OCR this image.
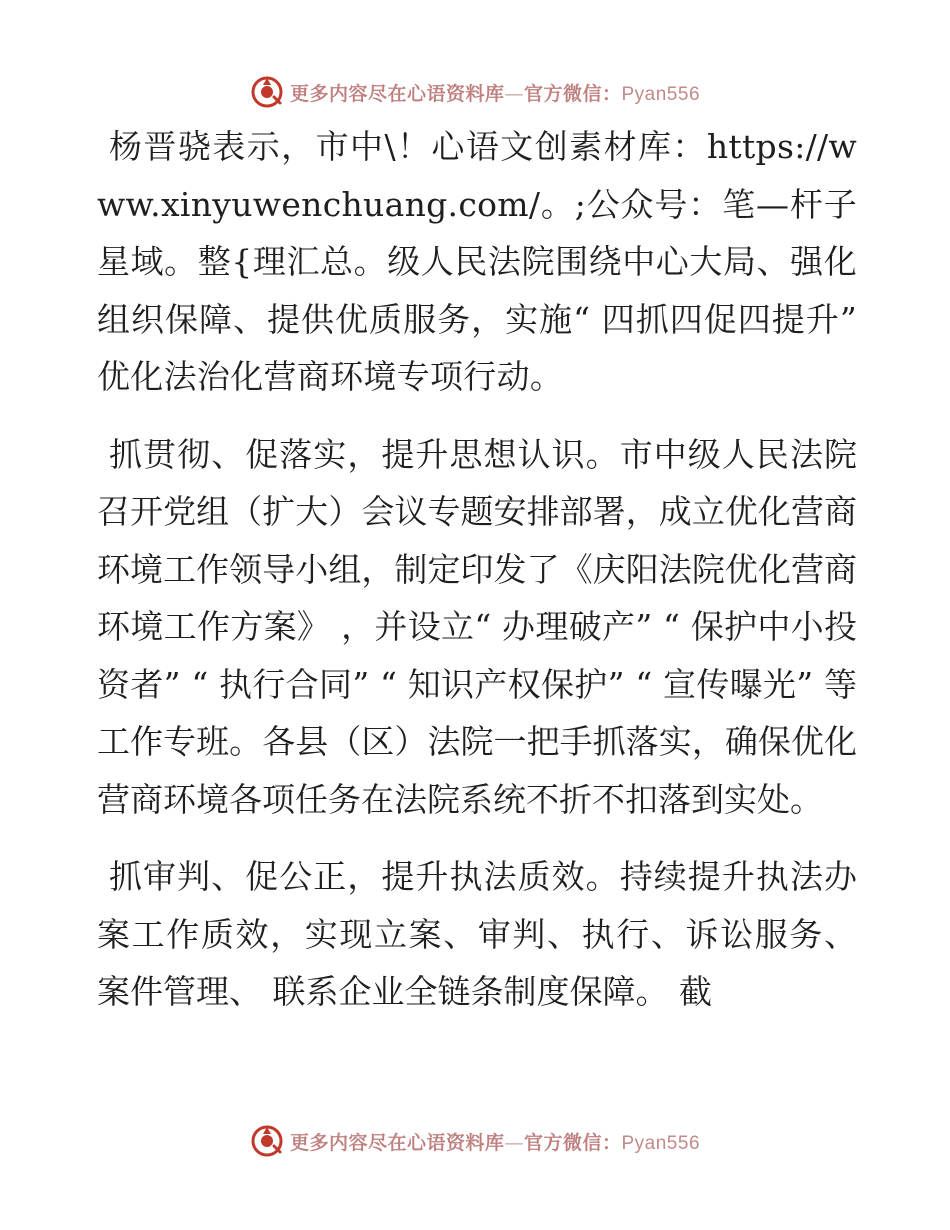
更多内容尽在心语资料库—官方微信：Pyan556

杨晋骁表示，市中\！心语文创素材库：https://www.xinyuwenchuang.com/。;公众号：笔—杆子星域。整{理汇总。级人民法院围绕中心大局、强化组织保障、提供优质服务，实施“ 四抓四促四提升” 优化法治化营商环境专项行动。

抓贯彻、促落实，提升思想认识。市中级人民法院召开党组（扩大）会议专题安排部署，成立优化营商环境工作领导小组，制定印发了《庆阳法院优化营商环境工作方案》 ，并设立“ 办理破产” “ 保护中小投资者” “ 执行合同” “ 知识产权保护” “ 宣传曝光” 等工作专班。各县（区）法院一把手抓落实，确保优化营商环境各项任务在法院系统不折不扣落到实处。

抓审判、促公正，提升执法质效。持续提升执法办案工作质效，实现立案、审判、执行、诉讼服务、 案件管理、 联系企业全链条制度保障。 截

更多内容尽在心语资料库—官方微信：Pyan556
